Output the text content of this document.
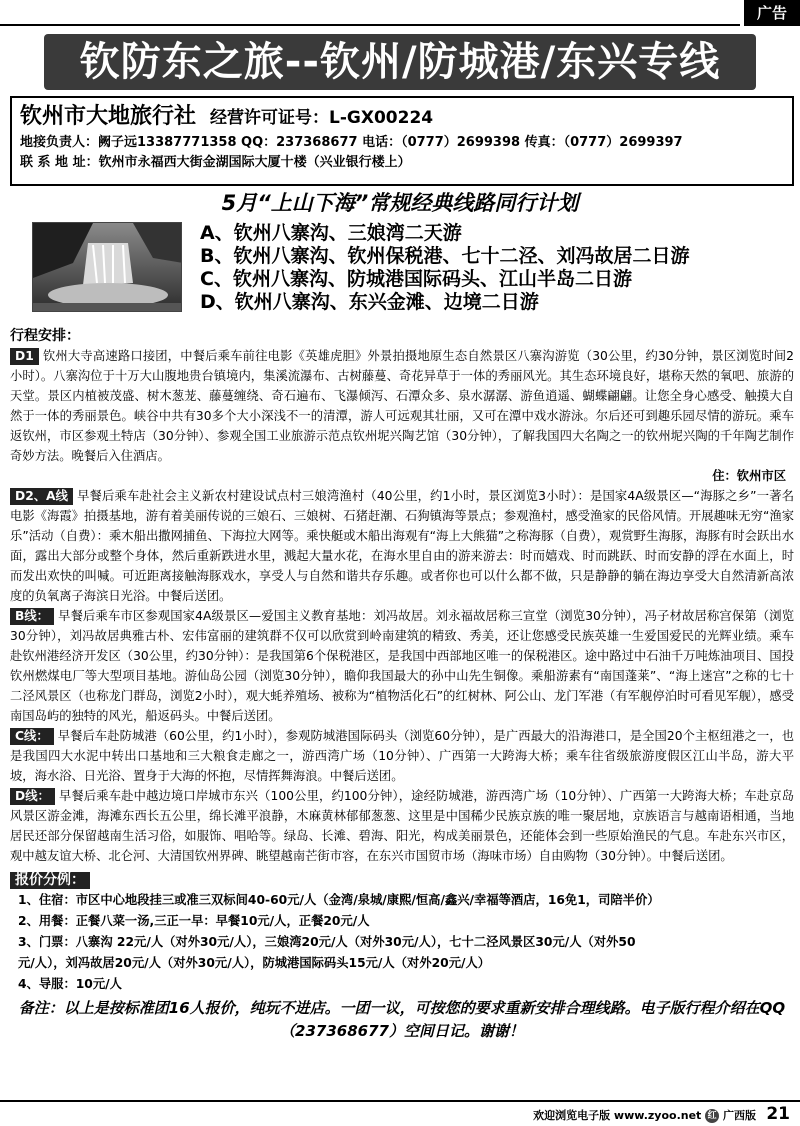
广告
钦防东之旅--钦州/防城港/东兴专线
钦州市大地旅行社 经营许可证号：L-GX00224
地接负责人：阙子远13387771358 QQ：237368677 电话：（0777）2699398 传真：（0777）2699397
联 系 地 址：钦州市永福西大街金湖国际大厦十楼（兴业银行楼上）
5月“上山下海”常规经典线路同行计划
A、钦州八寨沟、三娘湾二天游
B、钦州八寨沟、钦州保税港、七十二泾、刘冯故居二日游
C、钦州八寨沟、防城港国际码头、江山半岛二日游
D、钦州八寨沟、东兴金滩、边境二日游
行程安排：
D1 钦州大寺高速路口接团，中餐后乘车前往电影《英雄虎胆》外景拍摄地原生态自然景区八寨沟游览（30公里，约30分钟，景区浏览时间2小时）。八寨沟位于十万大山腹地贵台镇境内，集溪流瀑布、古树藤蔓、奇花异草于一体的秀丽风光。其生态环境良好，堪称天然的氧吧、旅游的天堂。景区内植被茂盛、树木葱茏、藤蔓缠绕、奇石遍布、飞瀑倾泻、石潭众多、泉水潺潺、游鱼逍遥、蝴蝶翩翩。让您全身心感受、触摸大自然于一体的秀丽景色。峡谷中共有30多个大小深浅不一的清潭，游人可远观其壮丽，又可在潭中戏水游泳。尔后还可到趣乐园尽情的游玩。乘车返钦州，市区参观土特店（30分钟）、参观全国工业旅游示范点钦州坭兴陶艺馆（30分钟），了解我国四大名陶之一的钦州坭兴陶的千年陶艺制作奇妙方法。晚餐后入住酒店。
住：钦州市区
D2、A线 早餐后乘车赴社会主义新农村建设试点村三娘湾渔村（40公里，约1小时，景区浏览3小时）：是国家4A级景区—“海豚之乡”一著名电影《海霞》拍摄基地，游有着美丽传说的三娘石、三娘树、石猪赶潮、石狗镇海等景点；参观渔村，感受渔家的民俗风情。开展趣味无穷“渔家乐”活动（自费）：乘木船出撒网捕鱼、下海拉大网等。乘快艇或木船出海观有“海上大熊猫”之称海豚（自费），观赏野生海豚，海豚有时会跃出水面，露出大部分或整个身体，然后重新跌进水里，溅起大量水花，在海水里自由的游来游去：时而嬉戏、时而跳跃、时而安静的浮在水面上，时而发出欢快的叫喊。可近距离接触海豚戏水，享受人与自然和谐共存乐趣。或者你也可以什么都不做，只是静静的躺在海边享受大自然清新高浓度的负氧离子海滨日光浴。中餐后送团。
B线： 早餐后乘车市区参观国家4A级景区—爱国主义教育基地：刘冯故居。刘永福故居称三宣堂（浏览30分钟），冯子材故居称宫保第（浏览30分钟），刘冯故居典雅古朴、宏伟富丽的建筑群不仅可以欣赏到岭南建筑的精致、秀美，还让您感受民族英雄一生爱国爱民的光辉业绩。乘车赴钦州港经济开发区（30公里，约30分钟）：是我国第6个保税港区，是我国中西部地区唯一的保税港区。途中路过中石油千万吨炼油项目、国投钦州燃煤电厂等大型项目基地。游仙岛公园（浏览30分钟），瞻仰我国最大的孙中山先生铜像。乘船游素有“南国蓬莱”、“海上迷宫”之称的七十二泾风景区（也称龙门群岛，浏览2小时），观大蚝养殖场、被称为“植物活化石”的红树林、阿公山、龙门军港（有军舰停泊时可看见军舰），感受南国岛屿的独特的风光，船返码头。中餐后送团。
C线： 早餐后车赴防城港（60公里，约1小时），参观防城港国际码头（浏览60分钟），是广西最大的沿海港口，是全国20个主枢纽港之一，也是我国四大水泥中转出口基地和三大粮食走廊之一，游西湾广场（10分钟）、广西第一大跨海大桥；乘车往省级旅游度假区江山半岛，游大平坡，海水浴、日光浴、置身于大海的怀抱，尽情挥舞海浪。中餐后送团。
D线： 早餐后乘车赴中越边境口岸城市东兴（100公里，约100分钟），途经防城港，游西湾广场（10分钟）、广西第一大跨海大桥；车赴京岛风景区游金滩，海滩东西长五公里，绵长滩平浪静，木麻黄林郁郁葱葱、这里是中国稀少民族京族的唯一聚居地，京族语言与越南语相通，当地居民还部分保留越南生活习俗，如服饰、唱哈等。绿岛、长滩、碧海、阳光，构成美丽景色，还能体会到一些原始渔民的气息。车赴东兴市区，观中越友谊大桥、北仑河、大清国钦州界碑、眺望越南芒街市容，在东兴市国贸市场（海味市场）自由购物（30分钟）。中餐后送团。
报价分例：
1、住宿：市区中心地段挂三或准三双标间40-60元/人（金湾/泉城/康熙/恒高/鑫兴/幸福等酒店，16免1，司陪半价）
2、用餐：正餐八菜一汤,三正一早：早餐10元/人，正餐20元/人
3、门票：八寨沟 22元/人（对外30元/人），三娘湾20元/人（对外30元/人），七十二泾风景区30元/人（对外50
元/人），刘冯故居20元/人（对外30元/人），防城港国际码头15元/人（对外20元/人）
4、导服：10元/人
备注：以上是按标准团16人报价，纯玩不进店。一团一议，可按您的要求重新安排合理线路。电子版行程介绍在QQ（237368677）空间日记。谢谢！
欢迎浏览电子版 www.zyoo.net 红 广西版 21
